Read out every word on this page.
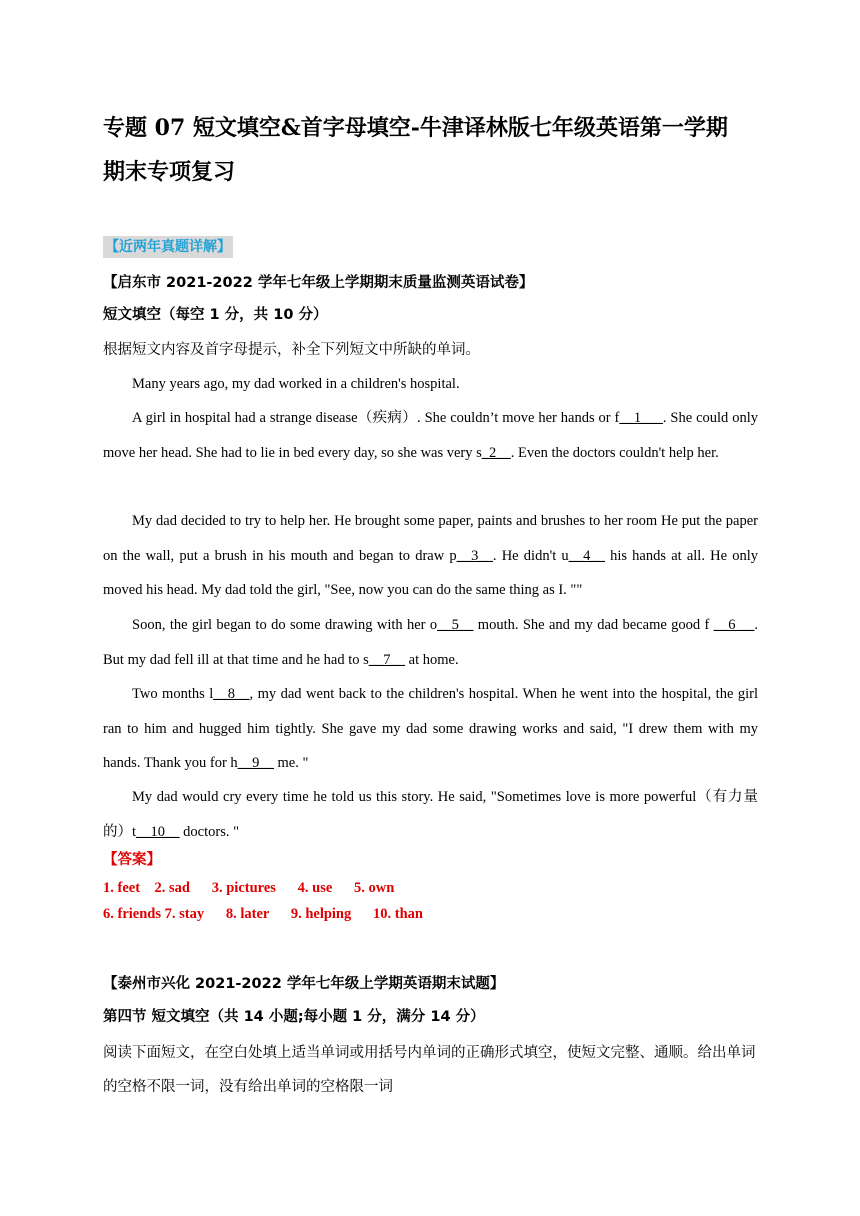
专题 07 短文填空&首字母填空-牛津译林版七年级英语第一学期
期末专项复习
【近两年真题详解】
【启东市 2021-2022 学年七年级上学期期末质量监测英语试卷】
短文填空（每空 1 分，共 10 分）
根据短文内容及首字母提示，补全下列短文中所缺的单词。

Many years ago, my dad worked in a children's hospital.

A girl in hospital had a strange disease（疾病）. She couldn’t move her hands or f__1___. She could only move her head. She had to lie in bed every day, so she was very s_2__. Even the doctors couldn't help her.

My dad decided to try to help her. He brought some paper, paints and brushes to her room He put the paper on the wall, put a brush in his mouth and began to draw p__3__. He didn't u__4__ his hands at all. He only moved his head. My dad told the girl, "See, now you can do the same thing as I. ""

Soon, the girl began to do some drawing with her o__5__ mouth. She and my dad became good f __6 __. But my dad fell ill at that time and he had to s__7__ at home.

Two months l__8__, my dad went back to the children's hospital. When he went into the hospital, the girl ran to him and hugged him tightly. She gave my dad some drawing works and said, "I drew them with my hands. Thank you for h__9__ me. "

My dad would cry every time he told us this story. He said, "Sometimes love is more powerful（有力量的）t__10__ doctors. "

【答案】
1. feet    2. sad      3. pictures      4. use      5. own
6. friends 7. stay      8. later      9. helping      10. than
【泰州市兴化 2021-2022 学年七年级上学期英语期末试题】
第四节 短文填空（共 14 小题;每小题 1 分，满分 14 分）
阅读下面短文，在空白处填上适当单词或用括号内单词的正确形式填空，使短文完整、通顺。给出单词的空格不限一词，没有给出单词的空格限一词
